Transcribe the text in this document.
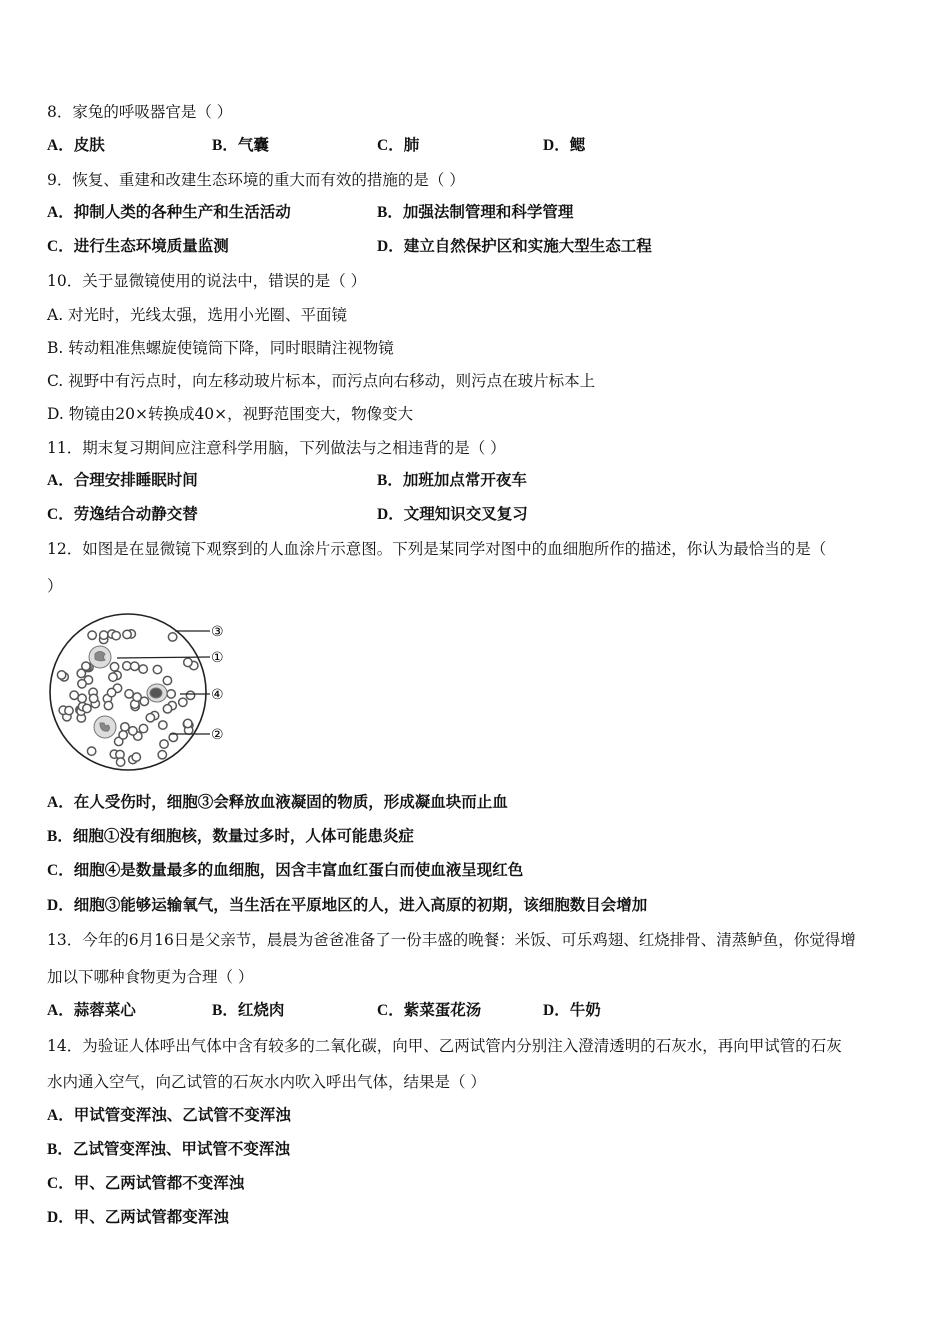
8．家兔的呼吸器官是（ ）
A．皮肤	B．气囊	C．肺	D．鳃
9．恢复、重建和改建生态环境的重大而有效的措施的是（ ）
A．抑制人类的各种生产和生活活动	B．加强法制管理和科学管理
C．进行生态环境质量监测	D．建立自然保护区和实施大型生态工程
10．关于显微镜使用的说法中，错误的是（ ）
A. 对光时，光线太强，选用小光圈、平面镜
B. 转动粗准焦螺旋使镜筒下降，同时眼睛注视物镜
C. 视野中有污点时，向左移动玻片标本，而污点向右移动，则污点在玻片标本上
D. 物镜由20×转换成40×，视野范围变大，物像变大
11．期末复习期间应注意科学用脑，下列做法与之相违背的是（ ）
A．合理安排睡眠时间	B．加班加点常开夜车
C．劳逸结合动静交替	D．文理知识交叉复习
12．如图是在显微镜下观察到的人血涂片示意图。下列是某同学对图中的血细胞所作的描述，你认为最恰当的是（
）
③
①
④
②
A．在人受伤时，细胞③会释放血液凝固的物质，形成凝血块而止血
B．细胞①没有细胞核，数量过多时，人体可能患炎症
C．细胞④是数量最多的血细胞，因含丰富血红蛋白而使血液呈现红色
D．细胞③能够运输氧气，当生活在平原地区的人，进入高原的初期，该细胞数目会增加
13．今年的6月16日是父亲节，晨晨为爸爸准备了一份丰盛的晚餐：米饭、可乐鸡翅、红烧排骨、清蒸鲈鱼，你觉得增
加以下哪种食物更为合理（ ）
A．蒜蓉菜心	B．红烧肉	C．紫菜蛋花汤	D．牛奶
14．为验证人体呼出气体中含有较多的二氧化碳，向甲、乙两试管内分别注入澄清透明的石灰水，再向甲试管的石灰
水内通入空气，向乙试管的石灰水内吹入呼出气体，结果是（ ）
A．甲试管变浑浊、乙试管不变浑浊
B．乙试管变浑浊、甲试管不变浑浊
C．甲、乙两试管都不变浑浊
D．甲、乙两试管都变浑浊
